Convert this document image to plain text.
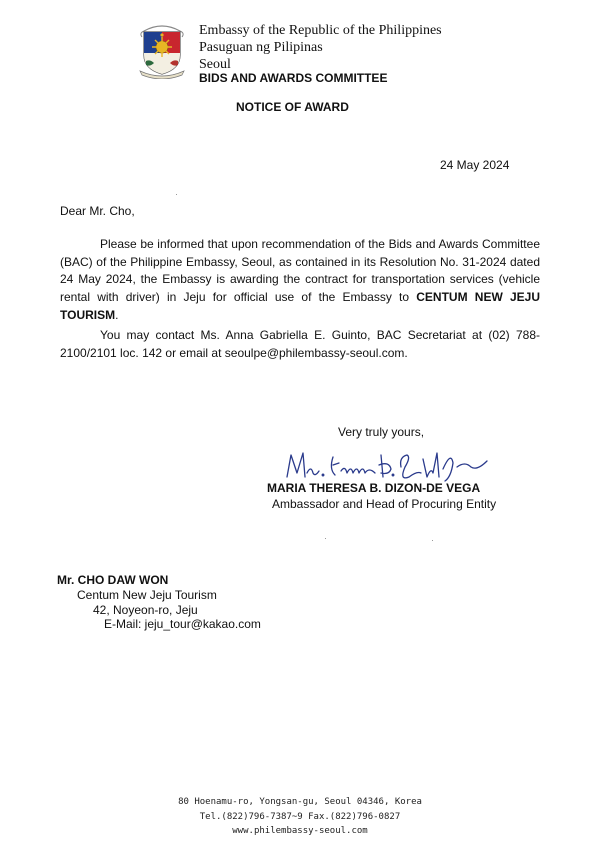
Embassy of the Republic of the Philippines
Pasuguan ng Pilipinas
Seoul
BIDS AND AWARDS COMMITTEE
NOTICE OF AWARD
24 May 2024
Dear Mr. Cho,

Please be informed that upon recommendation of the Bids and Awards Committee (BAC) of the Philippine Embassy, Seoul, as contained in its Resolution No. 31-2024 dated 24 May 2024, the Embassy is awarding the contract for transportation services (vehicle rental with driver) in Jeju for official use of the Embassy to CENTUM NEW JEJU TOURISM.

You may contact Ms. Anna Gabriella E. Guinto, BAC Secretariat at (02) 788-2100/2101 loc. 142 or email at seoulpe@philembassy-seoul.com.

Very truly yours,
MARIA THERESA B. DIZON-DE VEGA
Ambassador and Head of Procuring Entity
Mr. CHO DAW WON
Centum New Jeju Tourism
42, Noyeon-ro, Jeju
E-Mail: jeju_tour@kakao.com
80 Hoenamu-ro, Yongsan-gu, Seoul 04346, Korea
Tel.(822)796-7387~9 Fax.(822)796-0827
www.philembassy-seoul.com
